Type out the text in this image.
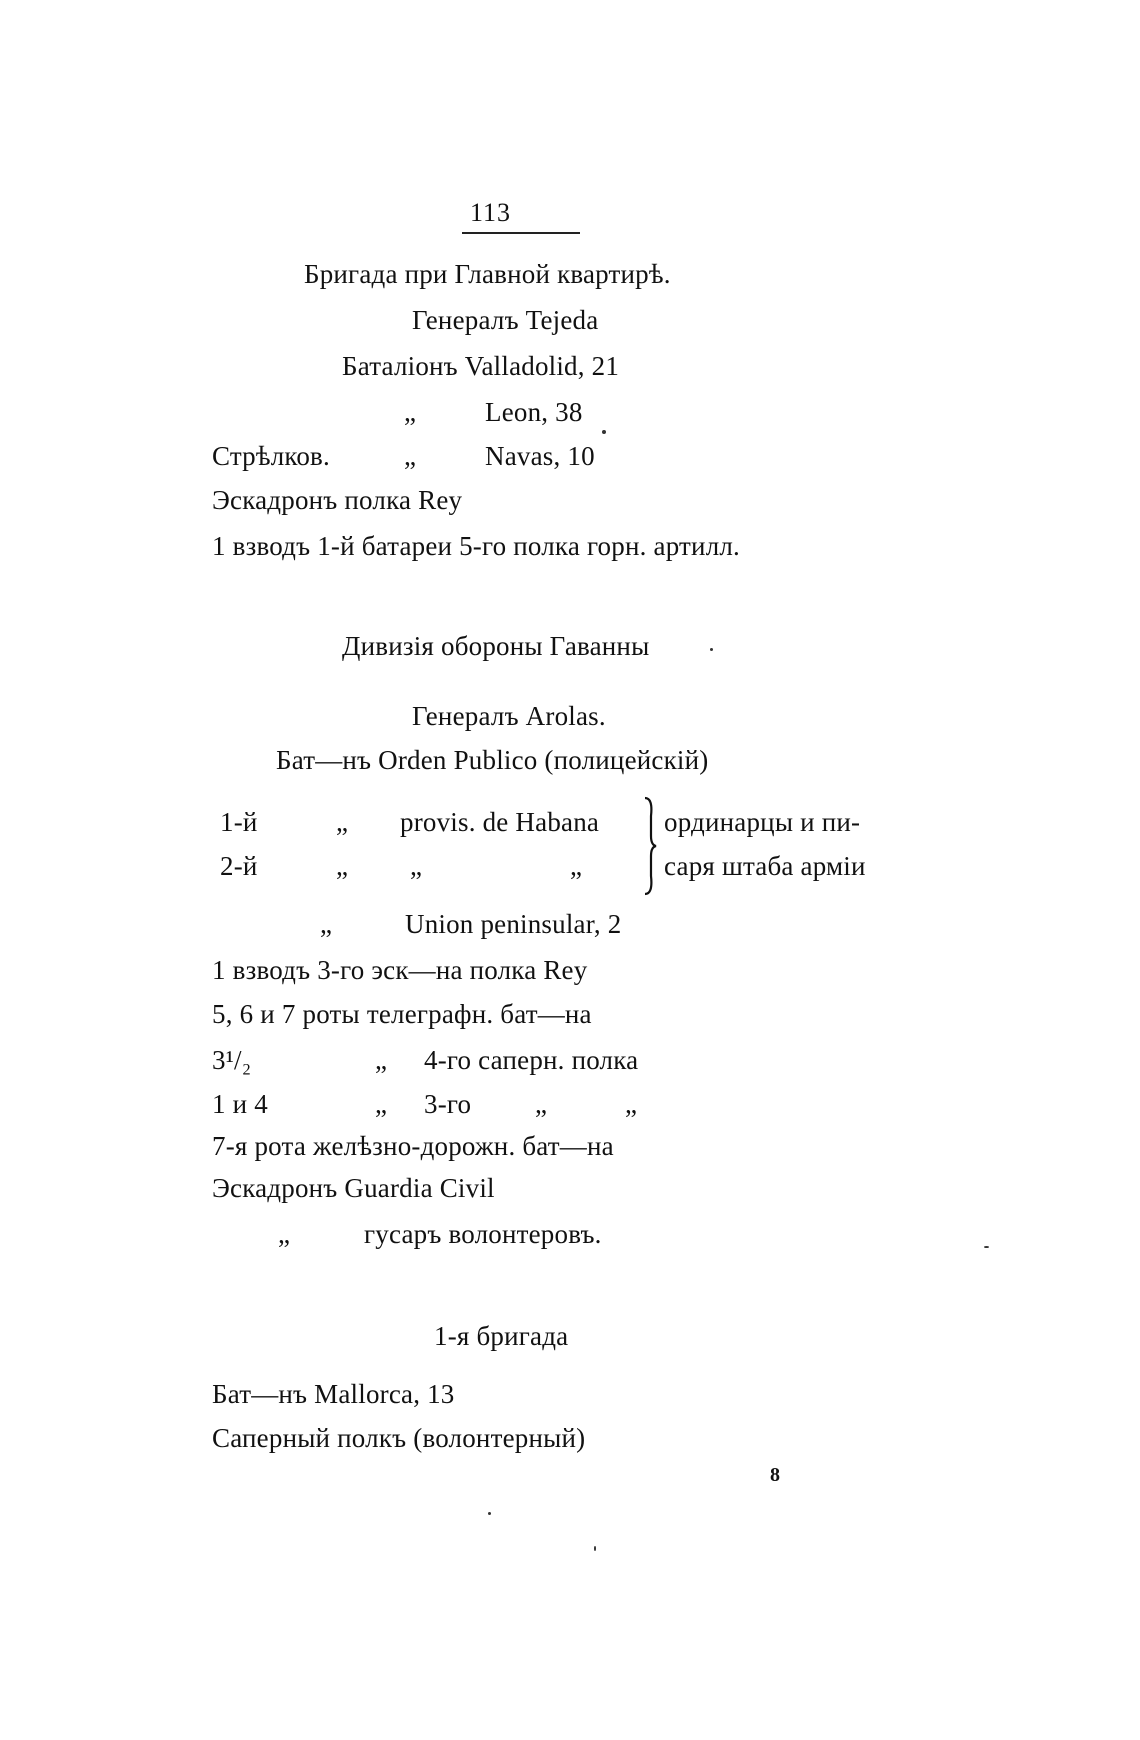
113
Бригада при Главной квартирѣ.
Генералъ Tejeda
Баталіонъ Valladolid, 21
„	Leon, 38
Стрѣлков.	„	Navas, 10
Эскадронъ полка Rey
1 взводъ 1-й батареи 5-го полка горн. артилл.
Дивизія обороны Гаванны
Генералъ Arolas.
Бат—нъ Orden Publico (полицейскій)
1-й	„ provis. de Habana
2-й	„ „	„
ординарцы и пи-
саря штаба арміи
„	Union peninsular, 2
1 взводъ 3-го эск—на полка Rey
5, 6 и 7 роты телеграфн. бат—на
3¹/₂	„ 4-го саперн. полка
1 и 4	„ 3-го „	„
7-я рота желѣзно-дорожн. бат—на
Эскадронъ Guardia Civil
„	гусаръ волонтеровъ.
1-я бригада
Бат—нъ Mallorca, 13
Саперный полкъ (волонтерный)
8
